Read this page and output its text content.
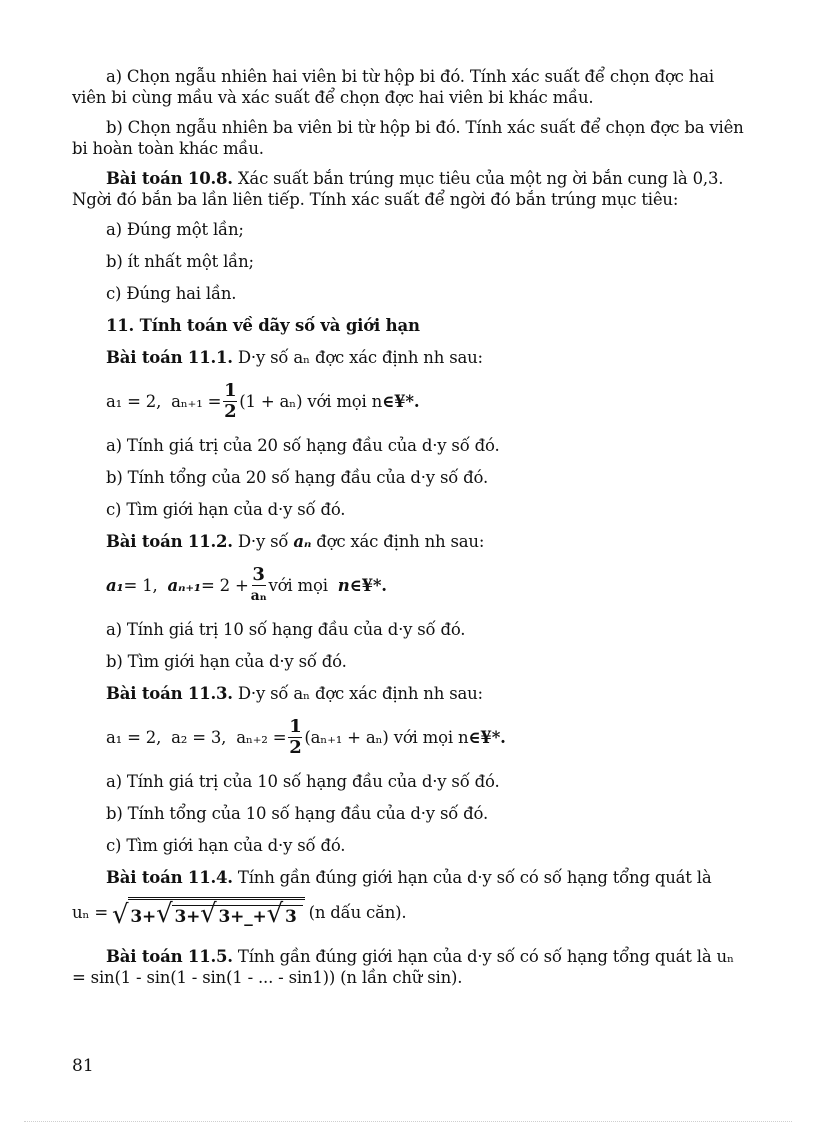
a) Chọn ngẫu nhiên hai viên bi từ hộp bi đó. Tính xác suất để chọn đợc hai viên bi cùng mầu và xác suất để chọn đợc hai viên bi khác mầu.

b) Chọn ngẫu nhiên ba viên bi từ hộp bi đó. Tính xác suất để chọn đợc ba viên bi hoàn toàn khác mầu.

Bài toán 10.8. Xác suất bắn trúng mục tiêu của một ng ời bắn cung là 0,3. Ngời đó bắn ba lần liên tiếp. Tính xác suất để ngời đó bắn trúng mục tiêu:

a) Đúng một lần;

b) ít nhất một lần;

c) Đúng hai lần.

11. Tính toán về dãy số và giới hạn

Bài toán 11.1. D·y số aₙ đợc xác định nh sau:

a₁ = 2, $a_{n+1} = \frac{1}{2} (1 + a_n)$ với mọi n ∈¥*.

a) Tính giá trị của 20 số hạng đầu của d·y số đó.

b) Tính tổng của 20 số hạng đầu của d·y số đó.

c) Tìm giới hạn của d·y số đó.

Bài toán 11.2. D·y số aₙ đợc xác định nh sau:

a₁ = 1, $a_{n+1} = 2 + \frac{3}{\text{aₙ}}$ với mọi n ∈¥*.

a) Tính giá trị 10 số hạng đầu của d·y số đó.

b) Tìm giới hạn của d·y số đó.

Bài toán 11.3. D·y số aₙ đợc xác định nh sau:

a₁ = 2, a₂ = 3, $a_{n+2} = \frac{1}{2} (a_{n+1} + a_n)$ với mọi n ∈¥*.

a) Tính giá trị của 10 số hạng đầu của d·y số đó.

b) Tính tổng của 10 số hạng đầu của d·y số đó.

c) Tìm giới hạn của d·y số đó.

Bài toán 11.4. Tính gần đúng giới hạn của d·y số có số hạng tổng quát là

uₙ = √ 3+√ 3+√ 3+_+√ 3 (n dấu căn).

Bài toán 11.5. Tính gần đúng giới hạn của d·y số có số hạng tổng quát là uₙ = sin(1 - sin(1 - sin(1 - ... - sin1)) (n lần chữ sin).

81
